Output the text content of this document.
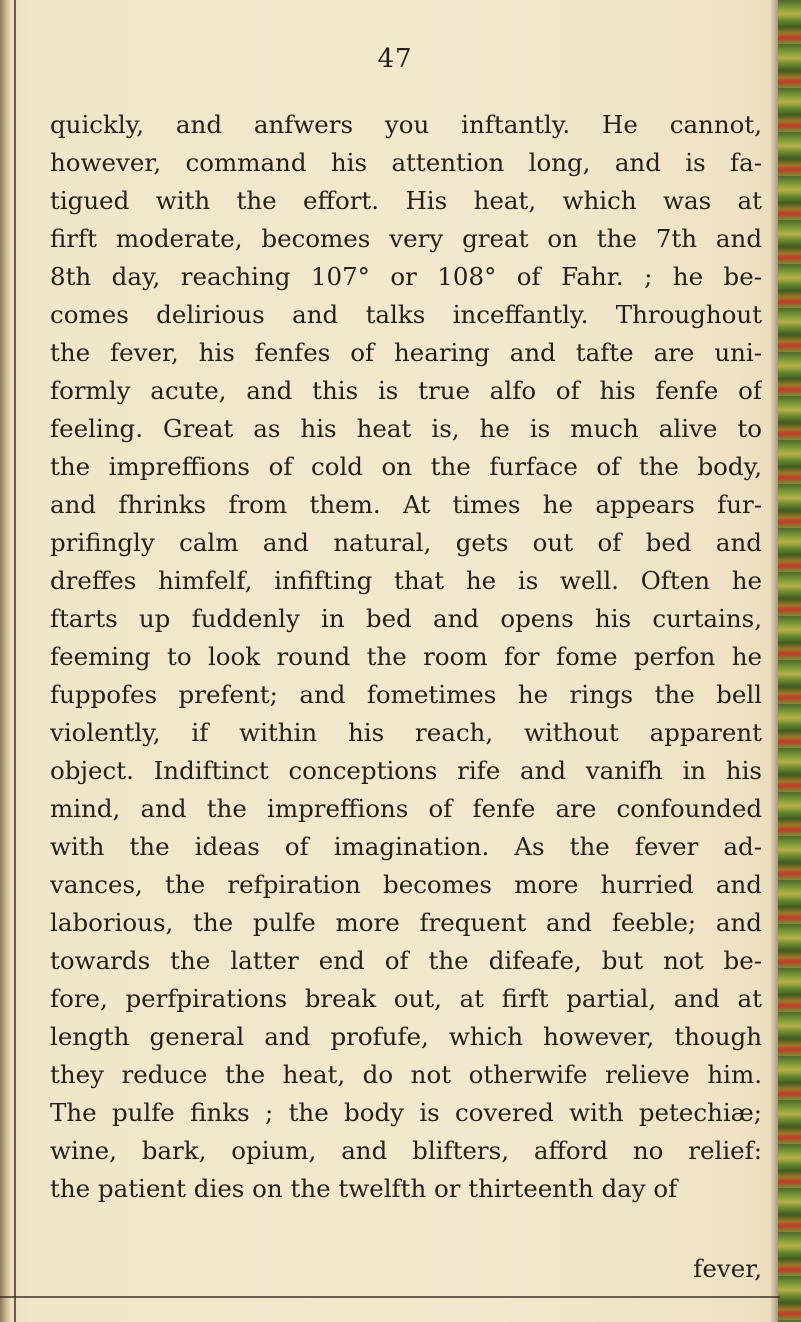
47
quickly, and anfwers you inftantly. He cannot,
however, command his attention long, and is fa-
tigued with the effort. His heat, which was at
firft moderate, becomes very great on the 7th and
8th day, reaching 107° or 108° of Fahr. ; he be-
comes delirious and talks inceffantly. Throughout
the fever, his fenfes of hearing and tafte are uni-
formly acute, and this is true alfo of his fenfe of
feeling. Great as his heat is, he is much alive to
the impreffions of cold on the furface of the body,
and fhrinks from them. At times he appears fur-
prifingly calm and natural, gets out of bed and
dreffes himfelf, infifting that he is well. Often he
ftarts up fuddenly in bed and opens his curtains,
feeming to look round the room for fome perfon he
fuppofes prefent; and fometimes he rings the bell
violently, if within his reach, without apparent
object. Indiftinct conceptions rife and vanifh in his
mind, and the impreffions of fenfe are confounded
with the ideas of imagination. As the fever ad-
vances, the refpiration becomes more hurried and
laborious, the pulfe more frequent and feeble; and
towards the latter end of the difeafe, but not be-
fore, perfpirations break out, at firft partial, and at
length general and profufe, which however, though
they reduce the heat, do not otherwife relieve him.
The pulfe finks ; the body is covered with petechiæ;
wine, bark, opium, and blifters, afford no relief:
the patient dies on the twelfth or thirteenth day of
fever,
